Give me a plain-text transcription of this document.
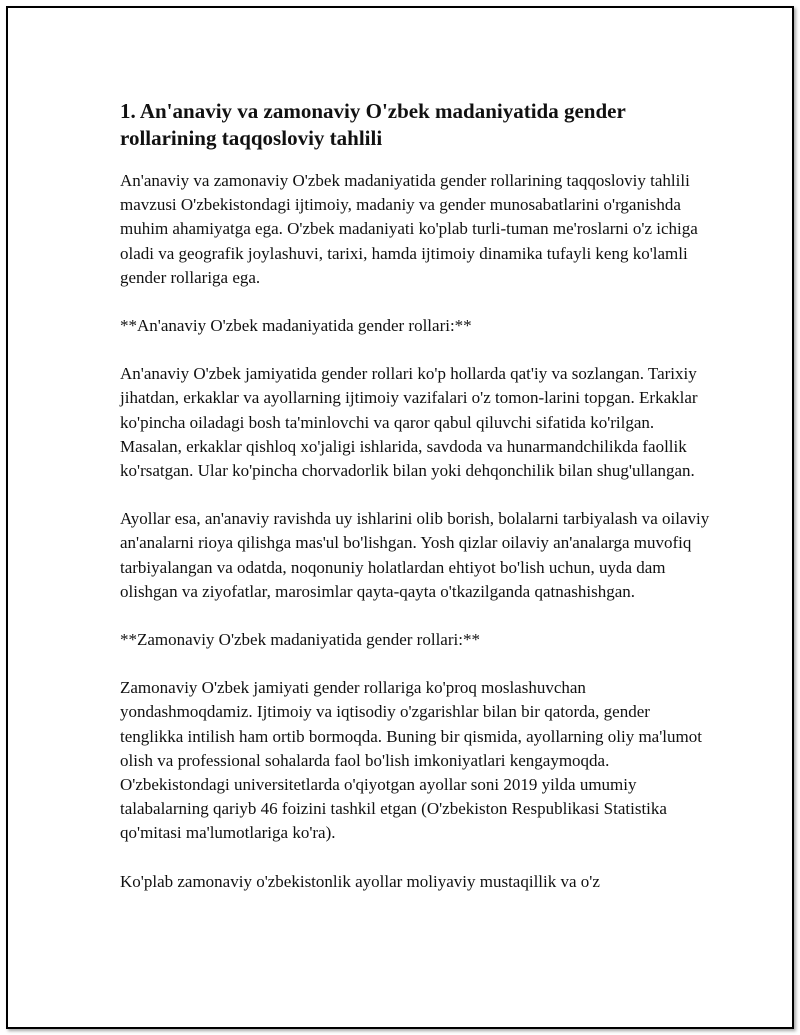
1. An'anaviy va zamonaviy O'zbek madaniyatida gender rollarining taqqosloviy tahlili

An'anaviy va zamonaviy O'zbek madaniyatida gender rollarining taqqosloviy tahlili mavzusi O'zbekistondagi ijtimoiy, madaniy va gender munosabatlarini o'rganishda muhim ahamiyatga ega. O'zbek madaniyati ko'plab turli-tuman me'roslarni o'z ichiga oladi va geografik joylashuvi, tarixi, hamda ijtimoiy dinamika tufayli keng ko'lamli gender rollariga ega.

**An'anaviy O'zbek madaniyatida gender rollari:**

An'anaviy O'zbek jamiyatida gender rollari ko'p hollarda qat'iy va sozlangan. Tarixiy jihatdan, erkaklar va ayollarning ijtimoiy vazifalari o'z tomon-larini topgan. Erkaklar ko'pincha oiladagi bosh ta'minlovchi va qaror qabul qiluvchi sifatida ko'rilgan. Masalan, erkaklar qishloq xo'jaligi ishlarida, savdoda va hunarmandchilikda faollik ko'rsatgan. Ular ko'pincha chorvadorlik bilan yoki dehqonchilik bilan shug'ullangan.

Ayollar esa, an'anaviy ravishda uy ishlarini olib borish, bolalarni tarbiyalash va oilaviy an'analarni rioya qilishga mas'ul bo'lishgan. Yosh qizlar oilaviy an'analarga muvofiq tarbiyalangan va odatda, noqonuniy holatlardan ehtiyot bo'lish uchun, uyda dam olishgan va ziyofatlar, marosimlar qayta-qayta o'tkazilganda qatnashishgan.

**Zamonaviy O'zbek madaniyatida gender rollari:**

Zamonaviy O'zbek jamiyati gender rollariga ko'proq moslashuvchan yondashmoqdamiz. Ijtimoiy va iqtisodiy o'zgarishlar bilan bir qatorda, gender tenglikka intilish ham ortib bormoqda. Buning bir qismida, ayollarning oliy ma'lumot olish va professional sohalarda faol bo'lish imkoniyatlari kengaymoqda. O'zbekistondagi universitetlarda o'qiyotgan ayollar soni 2019 yilda umumiy talabalarning qariyb 46 foizini tashkil etgan (O'zbekiston Respublikasi Statistika qo'mitasi ma'lumotlariga ko'ra).

Ko'plab zamonaviy o'zbekistonlik ayollar moliyaviy mustaqillik va o'z
